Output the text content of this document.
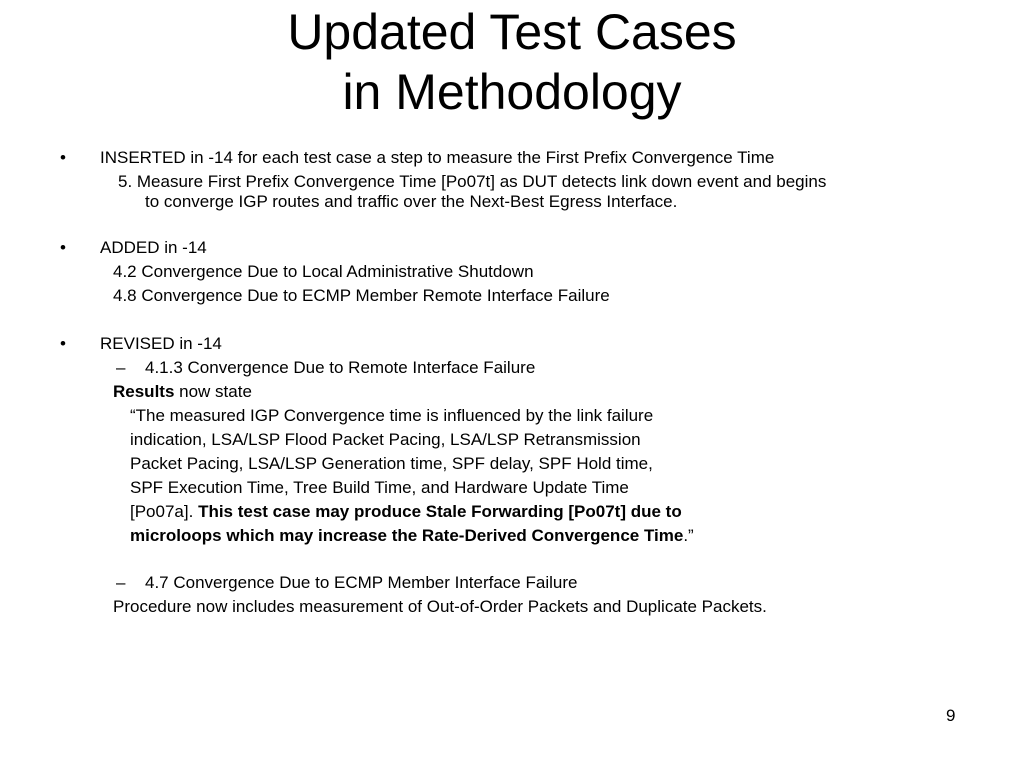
Updated Test Cases
in Methodology
• INSERTED in -14 for each test case a step to measure the First Prefix Convergence Time
5. Measure First Prefix Convergence Time [Po07t] as DUT detects link down event and begins
to converge IGP routes and traffic over the Next-Best Egress Interface.
• ADDED in -14
4.2 Convergence Due to Local Administrative Shutdown
4.8 Convergence Due to ECMP Member Remote Interface Failure
• REVISED in -14
– 4.1.3 Convergence Due to Remote Interface Failure
Results now state
“The measured IGP Convergence time is influenced by the link failure
indication, LSA/LSP Flood Packet Pacing, LSA/LSP Retransmission
Packet Pacing, LSA/LSP Generation time, SPF delay, SPF Hold time,
SPF Execution Time, Tree Build Time, and Hardware Update Time
[Po07a]. This test case may produce Stale Forwarding [Po07t] due to
microloops which may increase the Rate-Derived Convergence Time.”
– 4.7 Convergence Due to ECMP Member Interface Failure
Procedure now includes measurement of Out-of-Order Packets and Duplicate Packets.
9
